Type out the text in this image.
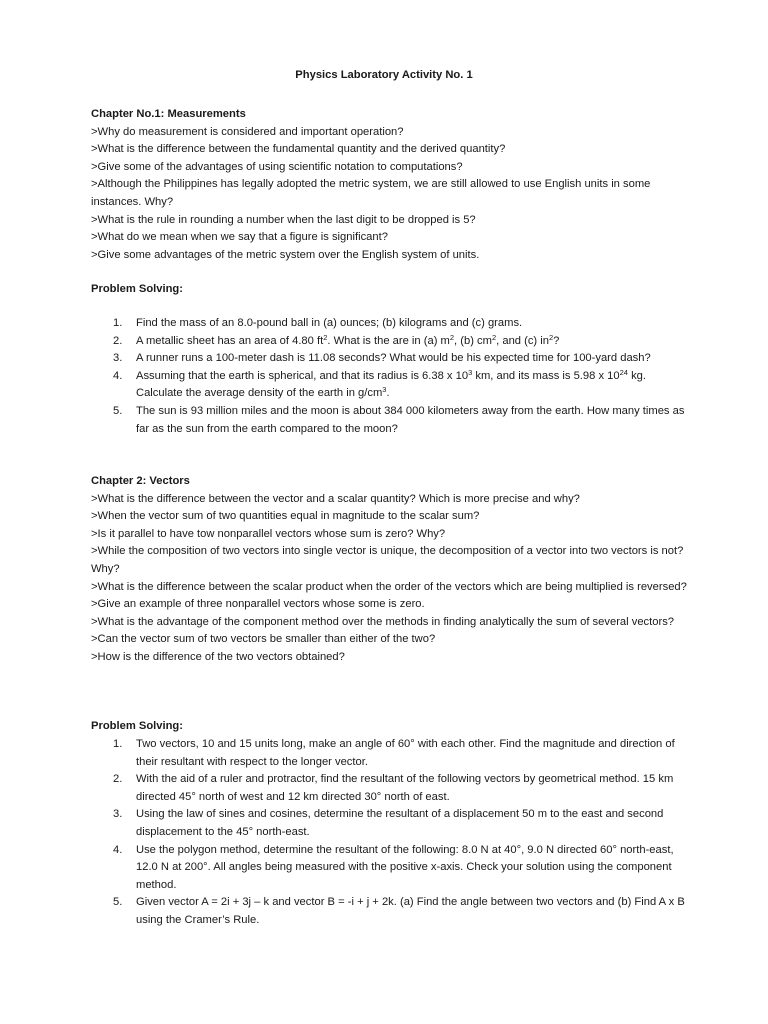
Physics Laboratory Activity No. 1
Chapter No.1: Measurements

>Why do measurement is considered and important operation?

>What is the difference between the fundamental quantity and the derived quantity?

>Give some of the advantages of using scientific notation to computations?

>Although the Philippines has legally adopted the metric system, we are still allowed to use English units in some instances. Why?

>What is the rule in rounding a number when the last digit to be dropped is 5?

>What do we mean when we say that a figure is significant?

>Give some advantages of the metric system over the English system of units.

Problem Solving:
1. Find the mass of an 8.0-pound ball in (a) ounces; (b) kilograms and (c) grams.
2. A metallic sheet has an area of 4.80 $ft^2$. What is the are in (a) $m^2$, (b) $cm^2$, and (c) $in^2$?
3. A runner runs a 100-meter dash is 11.08 seconds? What would be his expected time for 100-yard dash?
4. Assuming that the earth is spherical, and that its radius is 6.38 x $10^3$ km, and its mass is 5.98 x $10^{24}$ kg. Calculate the average density of the earth in $g/cm^3$.
5. The sun is 93 million miles and the moon is about 384 000 kilometers away from the earth. How many times as far as the sun from the earth compared to the moon?
Chapter 2: Vectors

>What is the difference between the vector and a scalar quantity? Which is more precise and why?

>When the vector sum of two quantities equal in magnitude to the scalar sum?

>Is it parallel to have tow nonparallel vectors whose sum is zero? Why?

>While the composition of two vectors into single vector is unique, the decomposition of a vector into two vectors is not? Why?

>What is the difference between the scalar product when the order of the vectors which are being multiplied is reversed?

>Give an example of three nonparallel vectors whose some is zero.

>What is the advantage of the component method over the methods in finding analytically the sum of several vectors?

>Can the vector sum of two vectors be smaller than either of the two?

>How is the difference of the two vectors obtained?

Problem Solving:
1. Two vectors, 10 and 15 units long, make an angle of 60° with each other. Find the magnitude and direction of their resultant with respect to the longer vector.
2. With the aid of a ruler and protractor, find the resultant of the following vectors by geometrical method. 15 km directed 45° north of west and 12 km directed 30° north of east.
3. Using the law of sines and cosines, determine the resultant of a displacement 50 m to the east and second displacement to the 45° north-east.
4. Use the polygon method, determine the resultant of the following: 8.0 N at 40°, 9.0 N directed 60° north-east, 12.0 N at 200°. All angles being measured with the positive x-axis. Check your solution using the component method.
5. Given vector A = 2i + 3j – k and vector B = -i + j + 2k. (a) Find the angle between two vectors and (b) Find A x B using the Cramer’s Rule.
